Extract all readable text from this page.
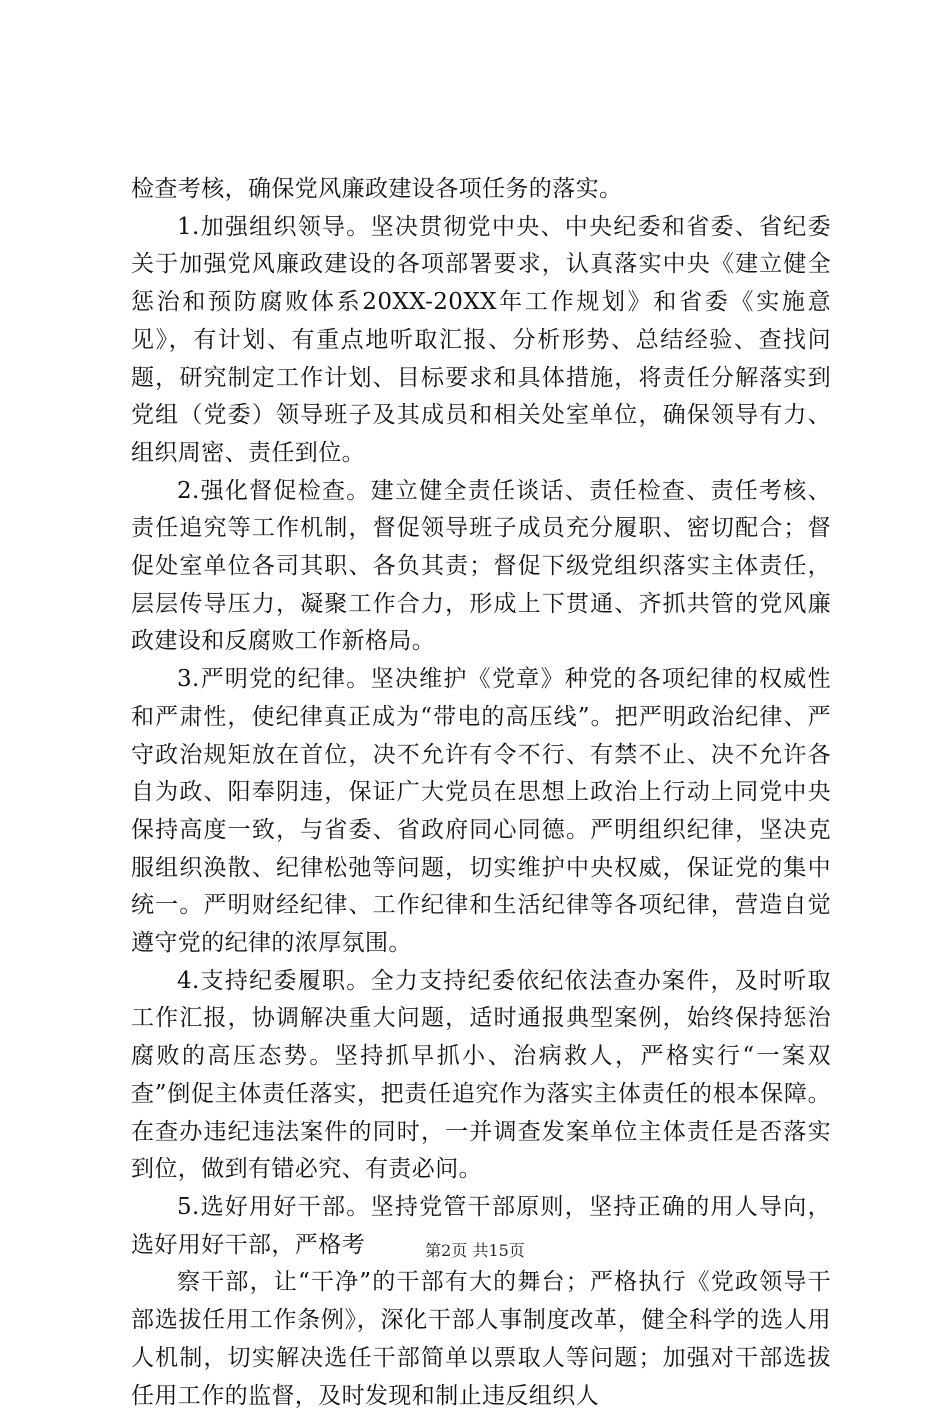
检查考核，确保党风廉政建设各项任务的落实。

1.加强组织领导。坚决贯彻党中央、中央纪委和省委、省纪委关于加强党风廉政建设的各项部署要求，认真落实中央《建立健全惩治和预防腐败体系20XX-20XX年工作规划》和省委《实施意见》，有计划、有重点地听取汇报、分析形势、总结经验、查找问题，研究制定工作计划、目标要求和具体措施，将责任分解落实到党组（党委）领导班子及其成员和相关处室单位，确保领导有力、组织周密、责任到位。

2.强化督促检查。建立健全责任谈话、责任检查、责任考核、责任追究等工作机制，督促领导班子成员充分履职、密切配合；督促处室单位各司其职、各负其责；督促下级党组织落实主体责任，层层传导压力，凝聚工作合力，形成上下贯通、齐抓共管的党风廉政建设和反腐败工作新格局。

3.严明党的纪律。坚决维护《党章》种党的各项纪律的权威性和严肃性，使纪律真正成为“带电的高压线”。把严明政治纪律、严守政治规矩放在首位，决不允许有令不行、有禁不止、决不允许各自为政、阳奉阴违，保证广大党员在思想上政治上行动上同党中央保持高度一致，与省委、省政府同心同德。严明组织纪律，坚决克服组织涣散、纪律松弛等问题，切实维护中央权威，保证党的集中统一。严明财经纪律、工作纪律和生活纪律等各项纪律，营造自觉遵守党的纪律的浓厚氛围。

4.支持纪委履职。全力支持纪委依纪依法查办案件，及时听取工作汇报，协调解决重大问题，适时通报典型案例，始终保持惩治腐败的高压态势。坚持抓早抓小、治病救人，严格实行“一案双查”倒促主体责任落实，把责任追究作为落实主体责任的根本保障。在查办违纪违法案件的同时，一并调查发案单位主体责任是否落实到位，做到有错必究、有责必问。

5.选好用好干部。坚持党管干部原则，坚持正确的用人导向，选好用好干部，严格考

察干部，让“干净”的干部有大的舞台；严格执行《党政领导干部选拔任用工作条例》，深化干部人事制度改革，健全科学的选人用人机制，切实解决选任干部简单以票取人等问题；加强对干部选拔任用工作的监督，及时发现和制止违反组织人

第2页 共15页
